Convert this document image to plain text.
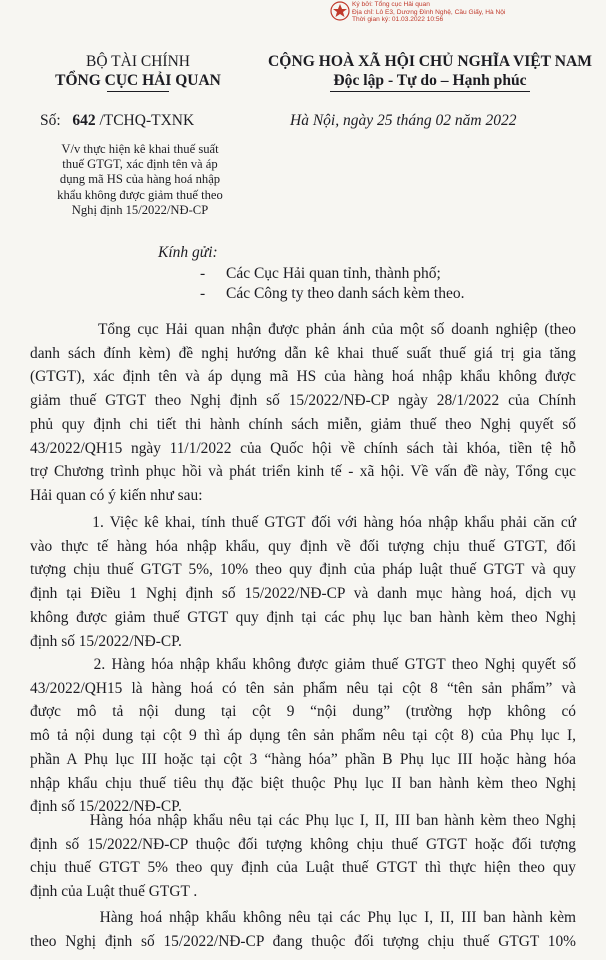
Ký bởi: Tổng cục Hải quan
Địa chỉ: Lô E3, Dương Đình Nghệ, Cầu Giấy, Hà Nội
Thời gian ký: 01.03.2022 10:56
BỘ TÀI CHÍNH
TỔNG CỤC HẢI QUAN
CỘNG HOÀ XÃ HỘI CHỦ NGHĨA VIỆT NAM
Độc lập - Tự do – Hạnh phúc
Số: 642 /TCHQ-TXNK	Hà Nội, ngày 25 tháng 02 năm 2022
V/v thực hiện kê khai thuế suất
thuế GTGT, xác định tên và áp
dụng mã HS của hàng hoá nhập
khẩu không được giảm thuế theo
Nghị định 15/2022/NĐ-CP
Kính gửi:
- Các Cục Hải quan tỉnh, thành phố;
- Các Công ty theo danh sách kèm theo.
Tổng cục Hải quan nhận được phản ánh của một số doanh nghiệp (theo
danh sách đính kèm) đề nghị hướng dẫn kê khai thuế suất thuế giá trị gia tăng
(GTGT), xác định tên và áp dụng mã HS của hàng hoá nhập khẩu không được
giảm thuế GTGT theo Nghị định số 15/2022/NĐ-CP ngày 28/1/2022 của Chính
phủ quy định chi tiết thi hành chính sách miễn, giảm thuế theo Nghị quyết số
43/2022/QH15 ngày 11/1/2022 của Quốc hội về chính sách tài khóa, tiền tệ hỗ
trợ Chương trình phục hồi và phát triển kinh tế - xã hội. Về vấn đề này, Tổng cục
Hải quan có ý kiến như sau:
1. Việc kê khai, tính thuế GTGT đối với hàng hóa nhập khẩu phải căn cứ
vào thực tế hàng hóa nhập khẩu, quy định về đối tượng chịu thuế GTGT, đối
tượng chịu thuế GTGT 5%, 10% theo quy định của pháp luật thuế GTGT và quy
định tại Điều 1 Nghị định số 15/2022/NĐ-CP và danh mục hàng hoá, dịch vụ
không được giảm thuế GTGT quy định tại các phụ lục ban hành kèm theo Nghị
định số 15/2022/NĐ-CP.
2. Hàng hóa nhập khẩu không được giảm thuế GTGT theo Nghị quyết số
43/2022/QH15 là hàng hoá có tên sản phẩm nêu tại cột 8 “tên sản phẩm” và
được mô tả nội dung tại cột 9 “nội dung” (trường hợp không có
mô tả nội dung tại cột 9 thì áp dụng tên sản phẩm nêu tại cột 8) của Phụ lục I,
phần A Phụ lục III hoặc tại cột 3 “hàng hóa” phần B Phụ lục III hoặc hàng hóa
nhập khẩu chịu thuế tiêu thụ đặc biệt thuộc Phụ lục II ban hành kèm theo Nghị
định số 15/2022/NĐ-CP.
Hàng hóa nhập khẩu nêu tại các Phụ lục I, II, III ban hành kèm theo Nghị
định số 15/2022/NĐ-CP thuộc đối tượng không chịu thuế GTGT hoặc đối tượng
chịu thuế GTGT 5% theo quy định của Luật thuế GTGT thì thực hiện theo quy
định của Luật thuế GTGT .
Hàng hoá nhập khẩu không nêu tại các Phụ lục I, II, III ban hành kèm
theo Nghị định số 15/2022/NĐ-CP đang thuộc đối tượng chịu thuế GTGT 10%
